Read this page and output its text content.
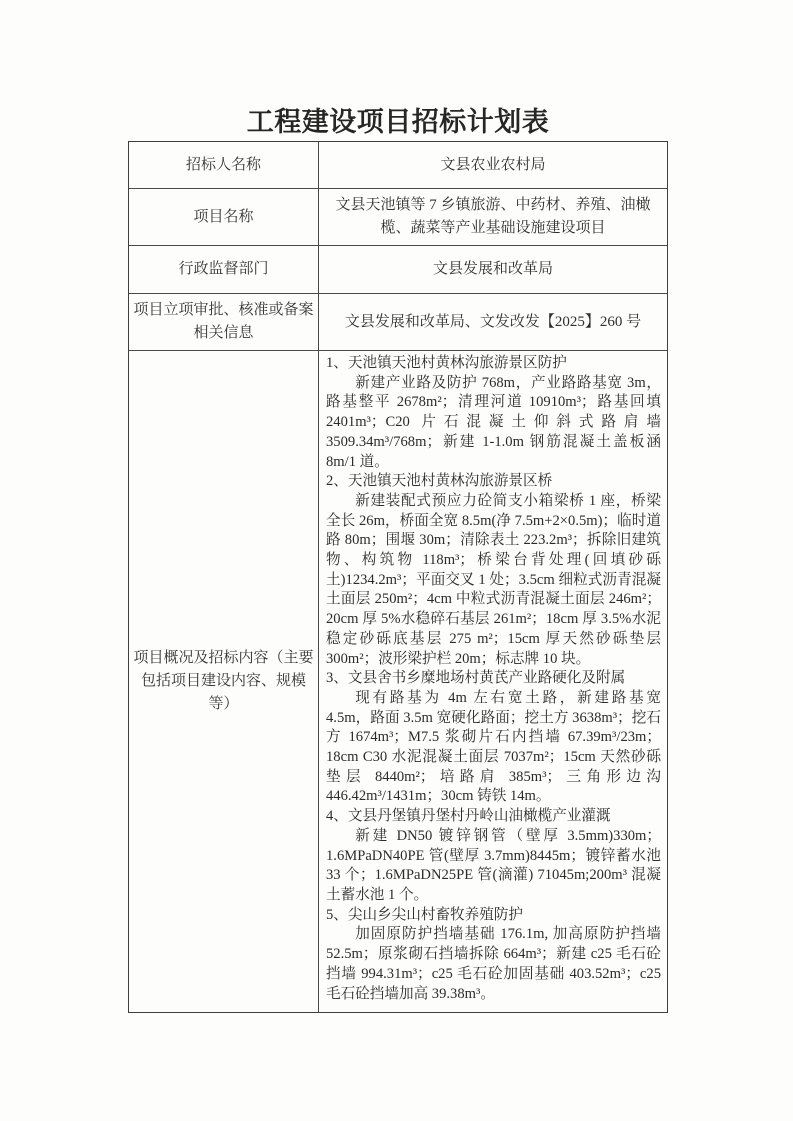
工程建设项目招标计划表
招标人名称	文县农业农村局
项目名称
文县天池镇等 7 乡镇旅游、中药材、养殖、油橄榄、蔬菜等产业基础设施建设项目
行政监督部门	文县发展和改革局
项目立项审批、核准或备案相关信息
文县发展和改革局、文发改发【2025】260 号
项目概况及招标内容（主要包括项目建设内容、规模等）

1、天池镇天池村黄林沟旅游景区防护

新建产业路及防护 768m，产业路路基宽 3m，路基整平 2678m²；清理河道 10910m³；路基回填 2401m³；C20 片石混凝土仰斜式路肩墙 3509.34m³/768m；新建 1-1.0m 钢筋混凝土盖板涵 8m/1 道。

2、天池镇天池村黄林沟旅游景区桥

新建装配式预应力砼简支小箱梁桥 1 座，桥梁全长 26m，桥面全宽 8.5m(净 7.5m+2×0.5m)；临时道路 80m；围堰 30m；清除表土 223.2m³；拆除旧建筑物、构筑物 118m³；桥梁台背处理(回填砂砾土)1234.2m³；平面交叉 1 处；3.5cm 细粒式沥青混凝土面层 250m²；4cm 中粒式沥青混凝土面层 246m²；20cm 厚 5%水稳碎石基层 261m²；18cm 厚 3.5%水泥稳定砂砾底基层 275 m²；15cm 厚天然砂砾垫层 300m²；波形梁护栏 20m；标志牌 10 块。

3、文县舍书乡糜地场村黄芪产业路硬化及附属

现有路基为 4m 左右宽土路，新建路基宽 4.5m，路面 3.5m 宽硬化路面；挖土方 3638m³；挖石方 1674m³；M7.5 浆砌片石内挡墙 67.39m³/23m；18cm C30 水泥混凝土面层 7037m²；15cm 天然砂砾垫层 8440m²；培路肩 385m³；三角形边沟 446.42m³/1431m；30cm 铸铁 14m。

4、文县丹堡镇丹堡村丹岭山油橄榄产业灌溉

新建 DN50 镀锌钢管（壁厚 3.5mm)330m；1.6MPaDN40PE 管(壁厚 3.7mm)8445m；镀锌蓄水池 33 个；1.6MPaDN25PE 管(滴灌) 71045m;200m³ 混凝土蓄水池 1 个。

5、尖山乡尖山村畜牧养殖防护

加固原防护挡墙基础 176.1m, 加高原防护挡墙 52.5m；原浆砌石挡墙拆除 664m³；新建 c25 毛石砼挡墙 994.31m³；c25 毛石砼加固基础 403.52m³；c25 毛石砼挡墙加高 39.38m³。
